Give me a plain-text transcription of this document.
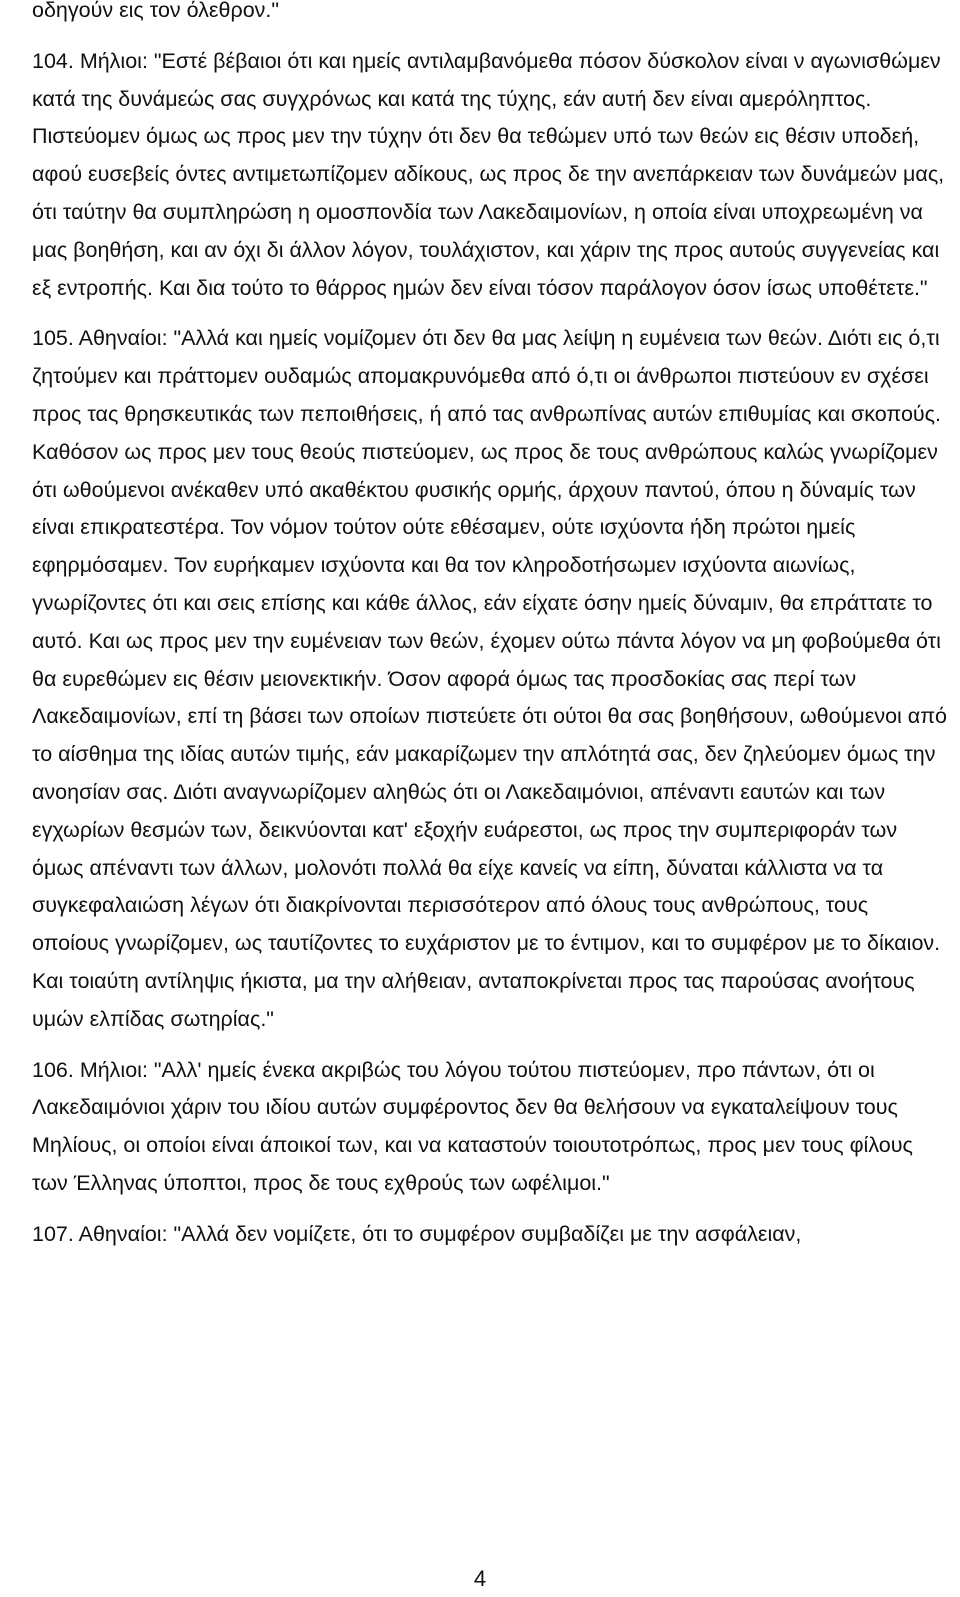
οδηγούν εις τον όλεθρον."

104. Μήλιοι: "Εστέ βέβαιοι ότι και ημείς αντιλαμβανόμεθα πόσον δύσκολον είναι ν αγωνισθώμεν κατά της δυνάμεώς σας συγχρόνως και κατά της τύχης, εάν αυτή δεν είναι αμερόληπτος. Πιστεύομεν όμως ως προς μεν την τύχην ότι δεν θα τεθώμεν υπό των θεών εις θέσιν υποδεή, αφού ευσεβείς όντες αντιμετωπίζομεν αδίκους, ως προς δε την ανεπάρκειαν των δυνάμεών μας, ότι ταύτην θα συμπληρώση η ομοσπονδία των Λακεδαιμονίων, η οποία είναι υποχρεωμένη να μας βοηθήση, και αν όχι δι άλλον λόγον, τουλάχιστον, και χάριν της προς αυτούς συγγενείας και εξ εντροπής. Και δια τούτο το θάρρος ημών δεν είναι τόσον παράλογον όσον ίσως υποθέτετε."

105. Αθηναίοι: "Αλλά και ημείς νομίζομεν ότι δεν θα μας λείψη η ευμένεια των θεών. Διότι εις ό,τι ζητούμεν και πράττομεν ουδαμώς απομακρυνόμεθα από ό,τι οι άνθρωποι πιστεύουν εν σχέσει προς τας θρησκευτικάς των πεποιθήσεις, ή από τας ανθρωπίνας αυτών επιθυμίας και σκοπούς. Καθόσον ως προς μεν τους θεούς πιστεύομεν, ως προς δε τους ανθρώπους καλώς γνωρίζομεν ότι ωθούμενοι ανέκαθεν υπό ακαθέκτου φυσικής ορμής, άρχουν παντού, όπου η δύναμίς των είναι επικρατεστέρα. Τον νόμον τούτον ούτε εθέσαμεν, ούτε ισχύοντα ήδη πρώτοι ημείς εφηρμόσαμεν. Τον ευρήκαμεν ισχύοντα και θα τον κληροδοτήσωμεν ισχύοντα αιωνίως, γνωρίζοντες ότι και σεις επίσης και κάθε άλλος, εάν είχατε όσην ημείς δύναμιν, θα επράττατε το αυτό. Και ως προς μεν την ευμένειαν των θεών, έχομεν ούτω πάντα λόγον να μη φοβούμεθα ότι θα ευρεθώμεν εις θέσιν μειονεκτικήν. Όσον αφορά όμως τας προσδοκίας σας περί των Λακεδαιμονίων, επί τη βάσει των οποίων πιστεύετε ότι ούτοι θα σας βοηθήσουν, ωθούμενοι από το αίσθημα της ιδίας αυτών τιμής, εάν μακαρίζωμεν την απλότητά σας, δεν ζηλεύομεν όμως την ανοησίαν σας. Διότι αναγνωρίζομεν αληθώς ότι οι Λακεδαιμόνιοι, απέναντι εαυτών και των εγχωρίων θεσμών των, δεικνύονται κατ' εξοχήν ευάρεστοι, ως προς την συμπεριφοράν των όμως απέναντι των άλλων, μολονότι πολλά θα είχε κανείς να είπη, δύναται κάλλιστα να τα συγκεφαλαιώση λέγων ότι διακρίνονται περισσότερον από όλους τους ανθρώπους, τους οποίους γνωρίζομεν, ως ταυτίζοντες το ευχάριστον με το έντιμον, και το συμφέρον με το δίκαιον. Και τοιαύτη αντίληψις ήκιστα, μα την αλήθειαν, ανταποκρίνεται προς τας παρούσας ανοήτους υμών ελπίδας σωτηρίας."

106. Μήλιοι: "Αλλ' ημείς ένεκα ακριβώς του λόγου τούτου πιστεύομεν, προ πάντων, ότι οι Λακεδαιμόνιοι χάριν του ιδίου αυτών συμφέροντος δεν θα θελήσουν να εγκαταλείψουν τους Μηλίους, οι οποίοι είναι άποικοί των, και να καταστούν τοιουτοτρόπως, προς μεν τους φίλους των Έλληνας ύποπτοι, προς δε τους εχθρούς των ωφέλιμοι."

107. Αθηναίοι: "Αλλά δεν νομίζετε, ότι το συμφέρον συμβαδίζει με την ασφάλειαν,

4
